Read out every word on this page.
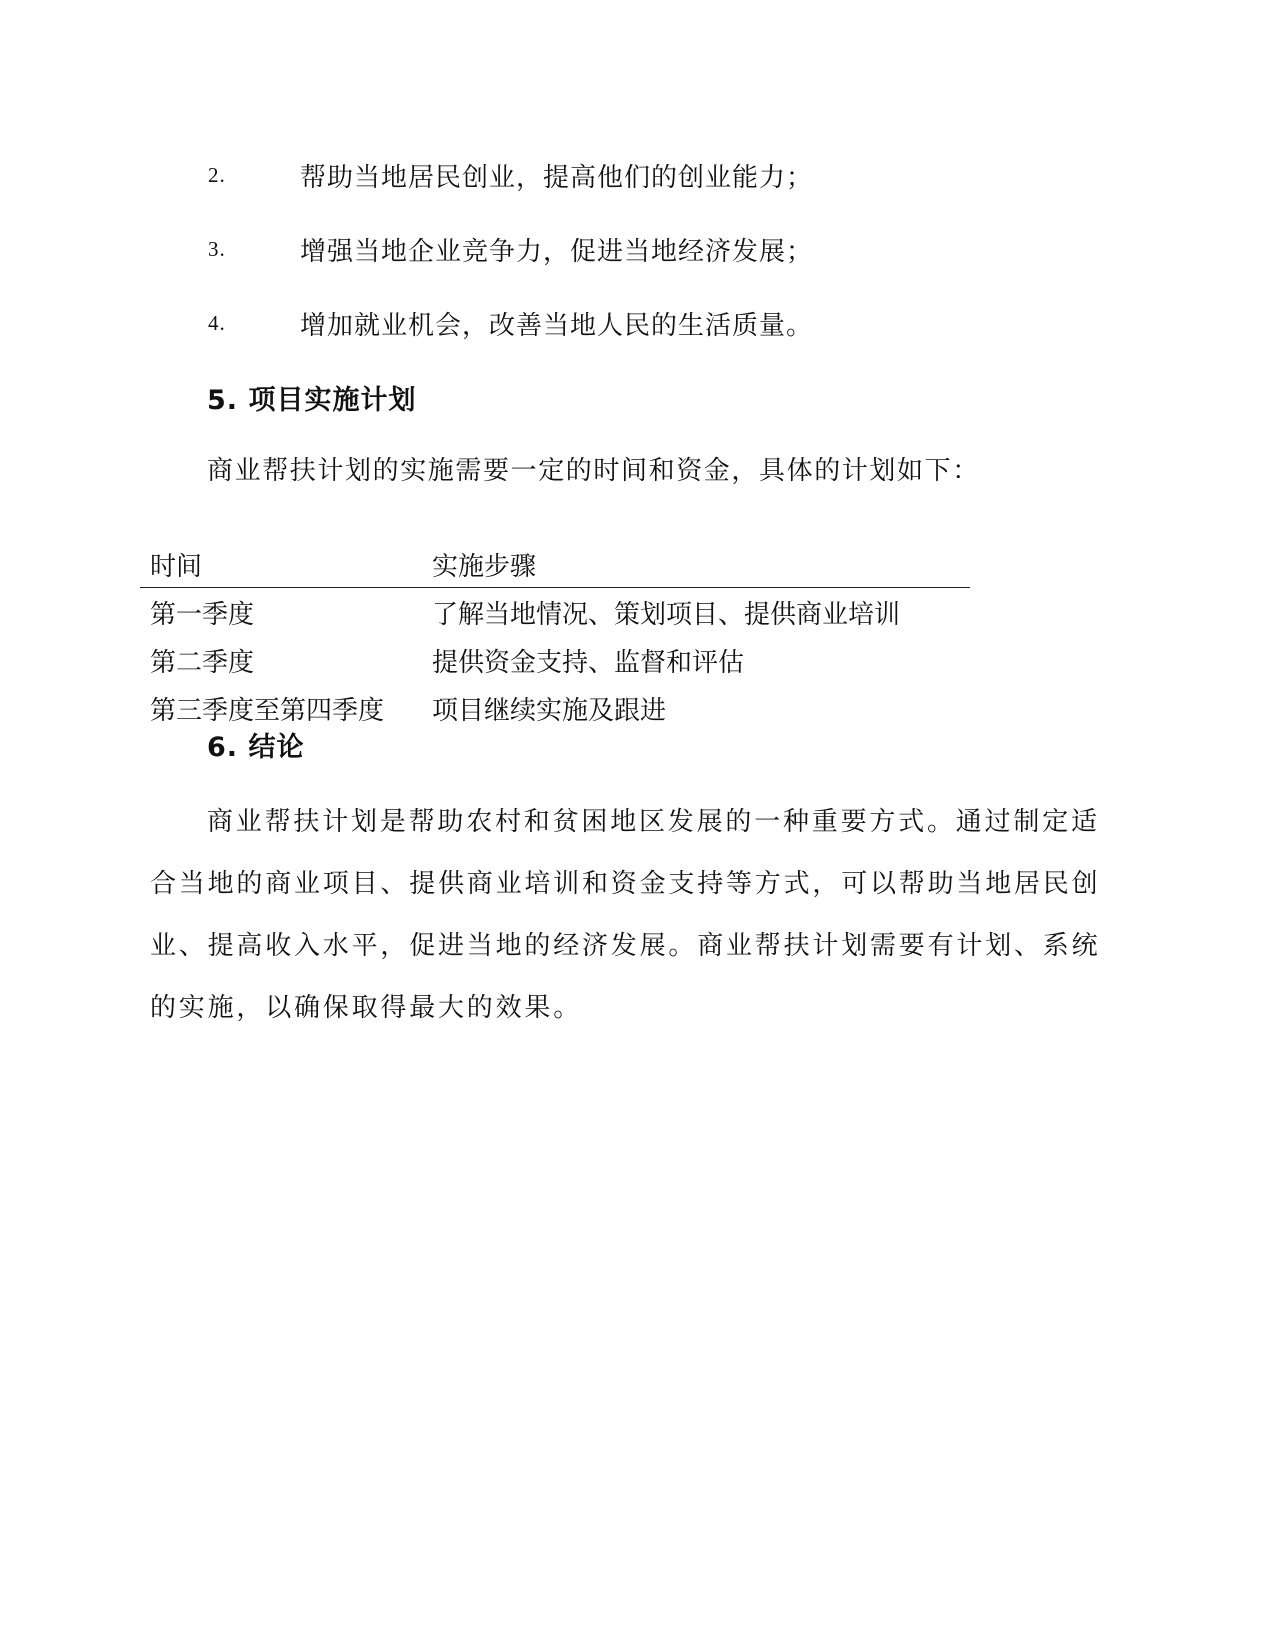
2.	帮助当地居民创业，提高他们的创业能力；
3.	增强当地企业竞争力，促进当地经济发展；
4.	增加就业机会，改善当地人民的生活质量。
5. 项目实施计划
商业帮扶计划的实施需要一定的时间和资金，具体的计划如下：
时间	实施步骤
第一季度	了解当地情况、策划项目、提供商业培训
第二季度	提供资金支持、监督和评估
第三季度至第四季度	项目继续实施及跟进
6. 结论

商业帮扶计划是帮助农村和贫困地区发展的一种重要方式。通过制定适合当地的商业项目、提供商业培训和资金支持等方式，可以帮助当地居民创业、提高收入水平，促进当地的经济发展。商业帮扶计划需要有计划、系统的实施，以确保取得最大的效果。
